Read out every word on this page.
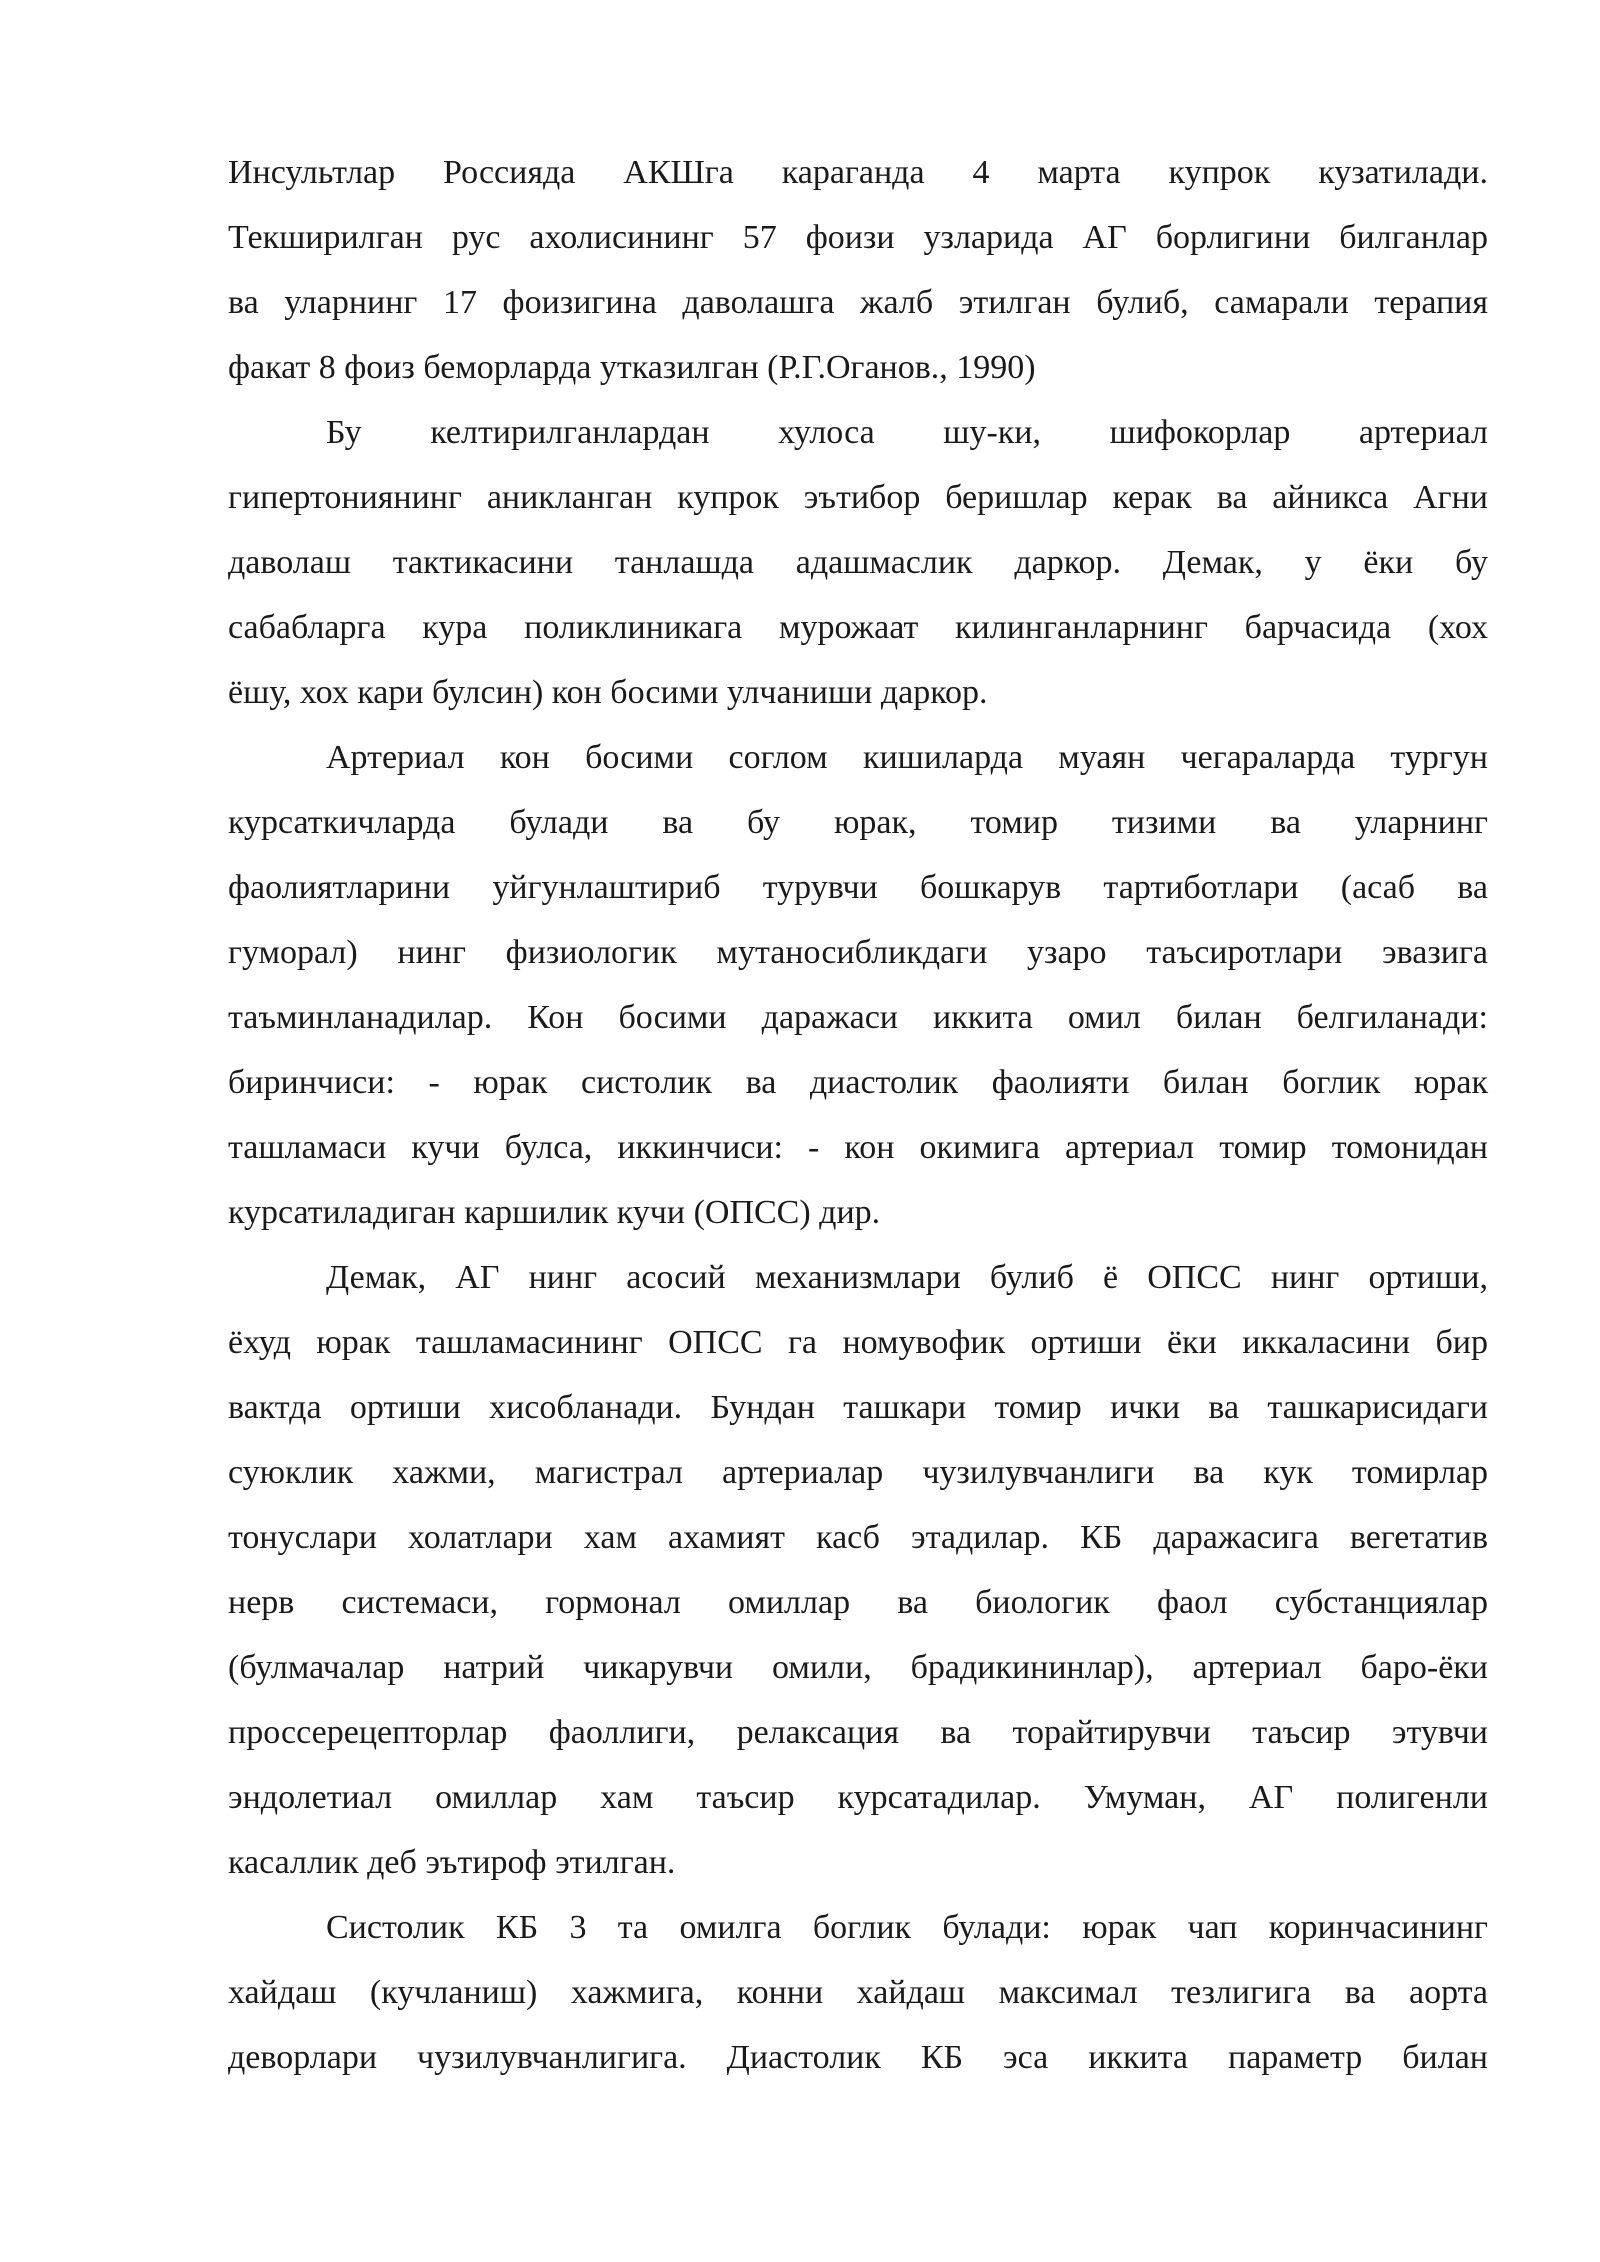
Инсультлар Россияда АКШга караганда 4 марта купрок кузатилади.
Текширилган рус ахолисининг 57 фоизи узларида АГ борлигини билганлар
ва уларнинг 17 фоизигина даволашга жалб этилган булиб, самарали терапия
факат 8 фоиз беморларда утказилган (Р.Г.Оганов., 1990)
Бу келтирилганлардан хулоса шу-ки, шифокорлар артериал
гипертониянинг аникланган купрок эътибор беришлар керак ва айникса Агни
даволаш тактикасини танлашда адашмаслик даркор. Демак, у ёки бу
сабабларга кура поликлиникага мурожаат килинганларнинг барчасида (хох
ёшу, хох кари булсин) кон босими улчаниши даркор.
Артериал кон босими соглом кишиларда муаян чегараларда тургун
курсаткичларда булади ва бу юрак, томир тизими ва уларнинг
фаолиятларини уйгунлаштириб турувчи бошкарув тартиботлари (асаб ва
гуморал) нинг физиологик мутаносибликдаги узаро таъсиротлари эвазига
таъминланадилар. Кон босими даражаси иккита омил билан белгиланади:
биринчиси: - юрак систолик ва диастолик фаолияти билан боглик юрак
ташламаси кучи булса, иккинчиси: - кон окимига артериал томир томонидан
курсатиладиган каршилик кучи (ОПСС) дир.
Демак, АГ нинг асосий механизмлари булиб ё ОПСС нинг ортиши,
ёхуд юрак ташламасининг ОПСС га номувофик ортиши ёки иккаласини бир
вактда ортиши хисобланади. Бундан ташкари томир ички ва ташкарисидаги
суюклик хажми, магистрал артериалар чузилувчанлиги ва кук томирлар
тонуслари холатлари хам ахамият касб этадилар. КБ даражасига вегетатив
нерв системаси, гормонал омиллар ва биологик фаол субстанциялар
(булмачалар натрий чикарувчи омили, брадикининлар), артериал баро-ёки
проссерецепторлар фаоллиги, релаксация ва торайтирувчи таъсир этувчи
эндолетиал омиллар хам таъсир курсатадилар. Умуман, АГ полигенли
касаллик деб эътироф этилган.
Систолик КБ 3 та омилга боглик булади: юрак чап коринчасининг
хайдаш (кучланиш) хажмига, конни хайдаш максимал тезлигига ва аорта
деворлари чузилувчанлигига. Диастолик КБ эса иккита параметр билан
